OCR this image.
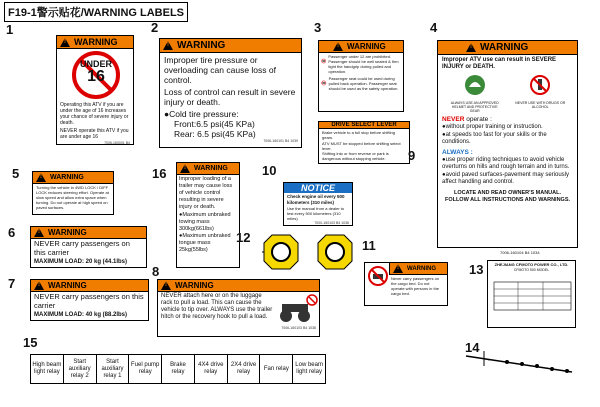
F19-1警示贴花/WARNING LABELS
1
!
WARNING
UNDER
16
Operating this ATV if you are under the age of 16 increases your chance of severe injury or death.
NEVER operate this ATV if you are under age 16
7006-160001 B4
2
!
WARNING
Improper tire pressure or overloading can cause loss of control.
Loss of control can result in severe injury or death.
●Cold tire pressure:
Front:6.5 psi(45 KPa)
Rear: 6.5 psi(45 KPa)
7006-160101 B4 1039
3
!
WARNING
Passenger under 12 are prohibited. Passenger should be well seated & firm tight the handgrip during pulled and operation.
Passenger seat could be used during pulled back operation. Passenger seat should be used as the safety operation.
DRIVE SELECT LEVER
Brake vehicle to a full stop before shifting gears.
ATV MUST be stopped before shifting select lever.
Shifting into or from reverse or park is dangerous without stopping vehicle.	9
4
!
WARNING
Improper ATV use can result in SEVERE INJURY or DEATH.
ALWAYS USE AN APPROVED HELMET AND PROTECTIVE GEAR
NEVER USE WITH DRUGS OR ALCOHOL
NEVER operate :
●without proper training or instruction.
●at speeds too fast for your skills or the conditions.
ALWAYS :
●use proper riding techniques to avoid vehicle overturns on hills and rough terrain and in turns.
●avoid paved surfaces-pavement may seriously affect handling and control.
LOCATE AND READ OWNER'S MANUAL. FOLLOW ALL INSTRUCTIONS AND WARNINGS.
7006-160104 B4 1034
5 !	WARNING
Turning the vehicle in 4WD LOCK / DIFF LOCK reduces steering effort. Operate at slow speed and allow extra space when turning. Do not operate at high speed on paved surfaces.
16 !	WARNING
Improper loading of a trailer may cause loss of vehicle control resulting in severe injury or death.
●Maximum unbraked towing mass 300kg(661lbs)
●Maximum unbraked tongue mass 25kg(55lbs)
10
NOTICE
Check engine oil every 500 kilometers (310 miles)
Use the manual from a dealer to test every 500 kilometers (310 miles)
7000-160103 B4 1036
12
11
!
WARNING
Never carry passengers on the cargo bed. Do not operate with persons in the cargo bed.
13	ZHEJIANG CFMOTO POWER CO., LTD.
CFMOTO 500 MODEL
6 !	WARNING
NEVER carry passengers on this carrier
MAXIMUM LOAD: 20 kg (44.1lbs)
7 !	WARNING
NEVER carry passengers on this carrier
MAXIMUM LOAD: 40 kg (88.2lbs)
8
!
WARNING
NEVER attach here or on the luggage rack to pull a load. This can cause the vehicle to tip over. ALWAYS use the trailer hitch or the recovery hook to pull a load.
7006-160103 B4 1038
15
High beam light relay
Start auxiliary relay 2
Start auxiliary relay 1
Fuel pump relay
Brake relay
4X4 drive relay
2X4 drive relay
Fan relay
Low beam light relay
14
